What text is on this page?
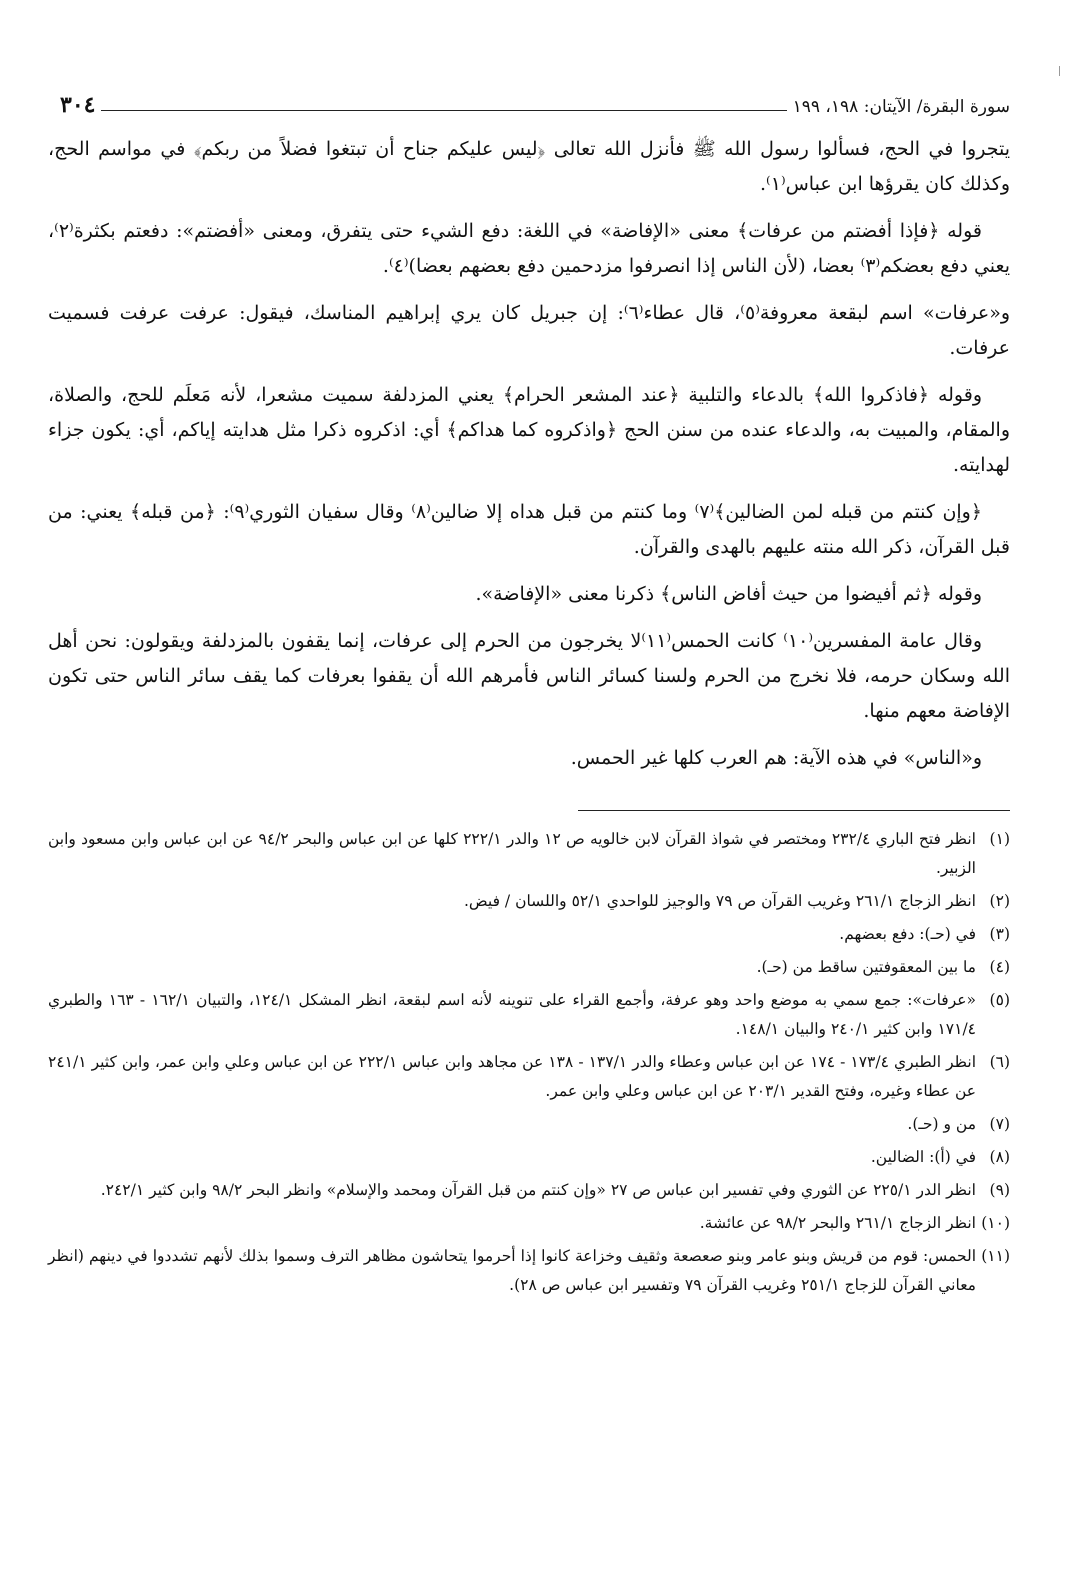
سورة البقرة/ الآيتان: ١٩٨، ١٩٩
٣٠٤

يتجروا في الحج، فسألوا رسول الله ﷺ فأنزل الله تعالى ﴿ليس عليكم جناح أن تبتغوا فضلاً من ربكم﴾ في مواسم الحج، وكذلك كان يقرؤها ابن عباس⁽١⁾.

قوله ﴿فإذا أفضتم من عرفات﴾ معنى «الإفاضة» في اللغة: دفع الشيء حتى يتفرق، ومعنى «أفضتم»: دفعتم بكثرة⁽٢⁾، يعني دفع بعضكم⁽٣⁾ بعضا، (لأن الناس إذا انصرفوا مزدحمين دفع بعضهم بعضا)⁽٤⁾.

و«عرفات» اسم لبقعة معروفة⁽٥⁾، قال عطاء⁽٦⁾: إن جبريل كان يري إبراهيم المناسك، فيقول: عرفت عرفت فسميت عرفات.

وقوله ﴿فاذكروا الله﴾ بالدعاء والتلبية ﴿عند المشعر الحرام﴾ يعني المزدلفة سميت مشعرا، لأنه مَعلَم للحج، والصلاة، والمقام، والمبيت به، والدعاء عنده من سنن الحج ﴿واذكروه كما هداكم﴾ أي: اذكروه ذكرا مثل هدايته إياكم، أي: يكون جزاء لهدايته.

﴿وإن كنتم من قبله لمن الضالين﴾⁽٧⁾ وما كنتم من قبل هداه إلا ضالين⁽٨⁾ وقال سفيان الثوري⁽٩⁾: ﴿من قبله﴾ يعني: من قبل القرآن، ذكر الله منته عليهم بالهدى والقرآن.

وقوله ﴿ثم أفيضوا من حيث أفاض الناس﴾ ذكرنا معنى «الإفاضة».

وقال عامة المفسرين⁽١٠⁾ كانت الحمس⁽١١⁾لا يخرجون من الحرم إلى عرفات، إنما يقفون بالمزدلفة ويقولون: نحن أهل الله وسكان حرمه، فلا نخرج من الحرم ولسنا كسائر الناس فأمرهم الله أن يقفوا بعرفات كما يقف سائر الناس حتى تكون الإفاضة معهم منها.

و«الناس» في هذه الآية: هم العرب كلها غير الحمس.

(١)انظر فتح الباري ٢٣٢/٤ ومختصر في شواذ القرآن لابن خالويه ص ١٢ والدر ٢٢٢/١ كلها عن ابن عباس والبحر ٩٤/٢ عن ابن عباس وابن مسعود وابن الزبير.

(٢)انظر الزجاج ٢٦١/١ وغريب القرآن ص ٧٩ والوجيز للواحدي ٥٢/١ واللسان / فيض.

(٣)في (حـ): دفع بعضهم.

(٤)ما بين المعقوفتين ساقط من (حـ).

(٥)«عرفات»: جمع سمي به موضع واحد وهو عرفة، وأجمع القراء على تنوينه لأنه اسم لبقعة، انظر المشكل ١٢٤/١، والتبيان ١٦٢/١ - ١٦٣ والطبري ١٧١/٤ وابن كثير ٢٤٠/١ والبيان ١٤٨/١.

(٦)انظر الطبري ١٧٣/٤ - ١٧٤ عن ابن عباس وعطاء والدر ١٣٧/١ - ١٣٨ عن مجاهد وابن عباس ٢٢٢/١ عن ابن عباس وعلي وابن عمر، وابن كثير ٢٤١/١ عن عطاء وغيره، وفتح القدير ٢٠٣/١ عن ابن عباس وعلي وابن عمر.

(٧)من و (حـ).

(٨)في (أ): الضالين.

(٩)انظر الدر ٢٢٥/١ عن الثوري وفي تفسير ابن عباس ص ٢٧ «وإن كنتم من قبل القرآن ومحمد والإسلام» وانظر البحر ٩٨/٢ وابن كثير ٢٤٢/١.

(١٠)انظر الزجاج ٢٦١/١ والبحر ٩٨/٢ عن عائشة.

(١١)الحمس: قوم من قريش وبنو عامر وبنو صعصعة وثقيف وخزاعة كانوا إذا أحرموا يتحاشون مظاهر الترف وسموا بذلك لأنهم تشددوا في دينهم (انظر معاني القرآن للزجاج ٢٥١/١ وغريب القرآن ٧٩ وتفسير ابن عباس ص ٢٨).
